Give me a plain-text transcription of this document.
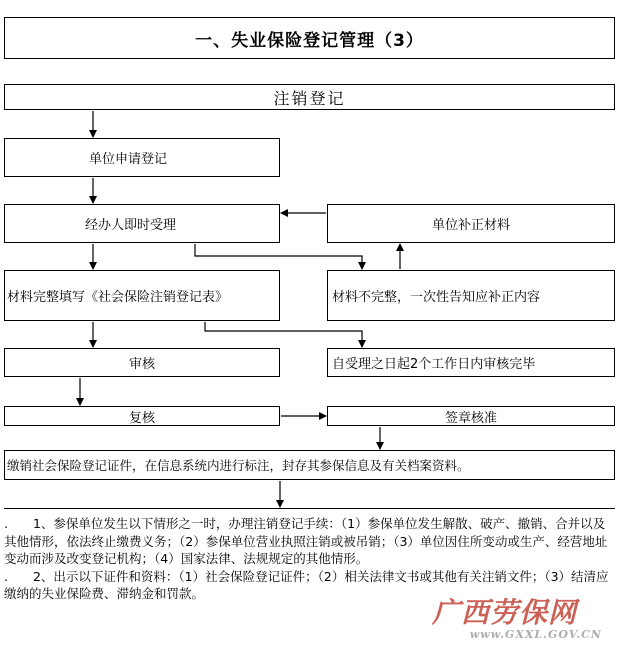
一、失业保险登记管理（3）
注销登记
单位申请登记
经办人即时受理	单位补正材料
材料完整填写《社会保险注销登记表》	材料不完整，一次性告知应补正内容
审核	自受理之日起2个工作日内审核完毕
复核	签章核准
缴销社会保险登记证件，在信息系统内进行标注，封存其参保信息及有关档案资料。

.　　1、参保单位发生以下情形之一时，办理注销登记手续：（1）参保单位发生解散、破产、撤销、合并以及其他情形，依法终止缴费义务；（2）参保单位营业执照注销或被吊销；（3）单位因住所变动或生产、经营地址变动而涉及改变登记机构；（4）国家法律、法规规定的其他情形。

.　　2、出示以下证件和资料：（1）社会保险登记证件；（2）相关法律文书或其他有关注销文件；（3）结清应缴纳的失业保险费、滞纳金和罚款。

广西劳保网
www.GXXL.GOV.CN
